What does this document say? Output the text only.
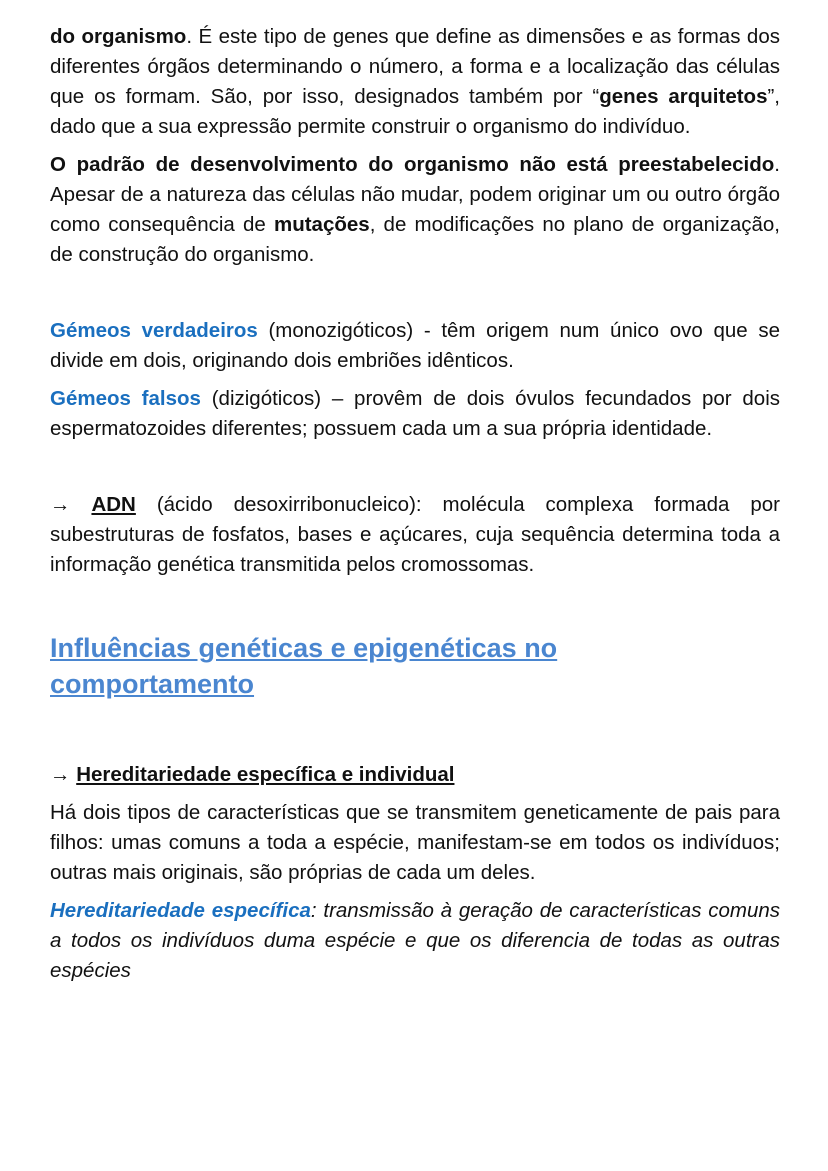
do organismo. É este tipo de genes que define as dimensões e as formas dos diferentes órgãos determinando o número, a forma e a localização das células que os formam. São, por isso, designados também por “genes arquitetos”, dado que a sua expressão permite construir o organismo do indivíduo.

O padrão de desenvolvimento do organismo não está preestabelecido. Apesar de a natureza das células não mudar, podem originar um ou outro órgão como consequência de mutações, de modificações no plano de organização, de construção do organismo.

Gémeos verdadeiros (monozigóticos) - têm origem num único ovo que se divide em dois, originando dois embriões idênticos.

Gémeos falsos (dizigóticos) – provêm de dois óvulos fecundados por dois espermatozoides diferentes; possuem cada um a sua própria identidade.

→ ADN (ácido desoxirribonucleico): molécula complexa formada por subestruturas de fosfatos, bases e açúcares, cuja sequência determina toda a informação genética transmitida pelos cromossomas.

Influências genéticas e epigenéticas no comportamento

→ Hereditariedade específica e individual

Há dois tipos de características que se transmitem geneticamente de pais para filhos: umas comuns a toda a espécie, manifestam-se em todos os indivíduos; outras mais originais, são próprias de cada um deles.

Hereditariedade específica: transmissão à geração de características comuns a todos os indivíduos duma espécie e que os diferencia de todas as outras espécies
